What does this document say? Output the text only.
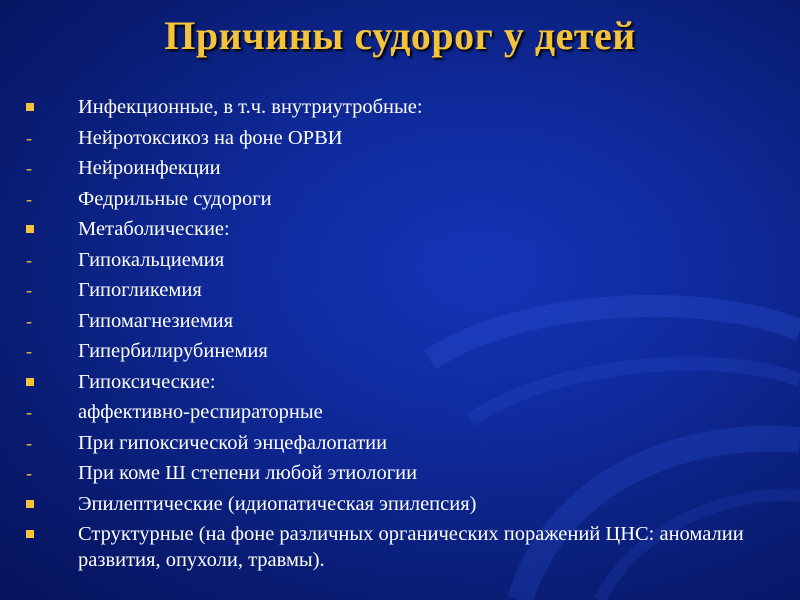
Причины судорог у детей
Инфекционные, в т.ч. внутриутробные:
- Нейротоксикоз на фоне ОРВИ
- Нейроинфекции
- Федрильные судороги
Метаболические:
- Гипокальциемия
- Гипогликемия
- Гипомагнезиемия
- Гипербилирубинемия
Гипоксические:
- аффективно-респираторные
- При гипоксической энцефалопатии
- При коме Ш степени любой этиологии
Эпилептические (идиопатическая эпилепсия)
Структурные (на фоне различных органических поражений ЦНС: аномалии развития, опухоли, травмы).
